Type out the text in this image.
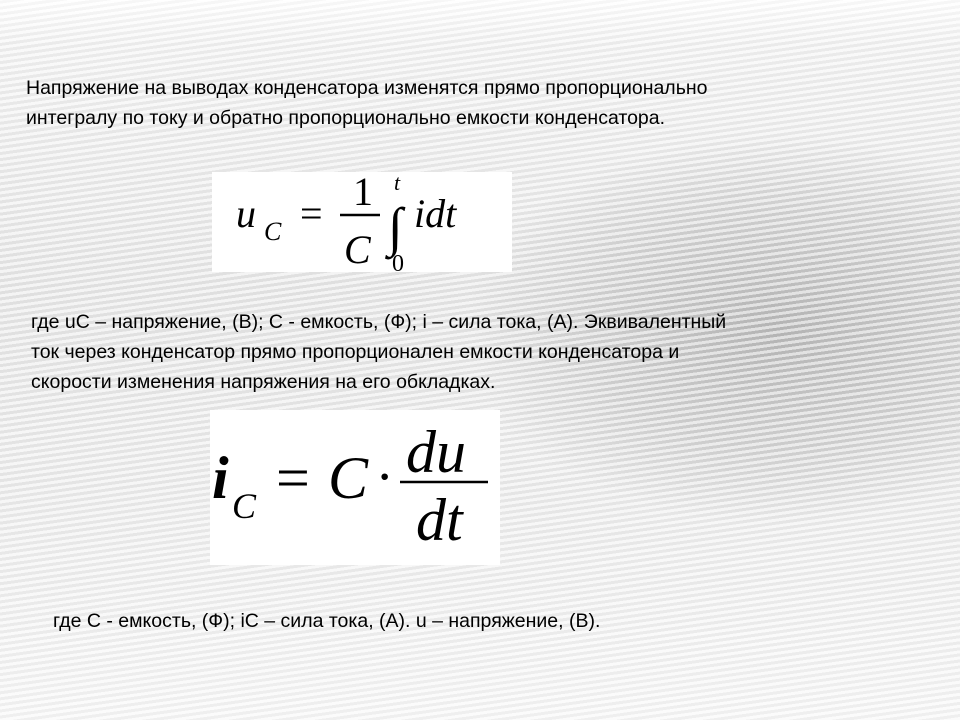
Напряжение на выводах конденсатора изменятся прямо пропорционально
интегралу по току и обратно пропорционально емкости конденсатора.

u C = 1
C ∫
t
0
idt

где uC – напряжение, (В); С - емкость, (Ф); i – сила тока, (А). Эквивалентный
ток через конденсатор прямо пропорционален емкости конденсатора и
скорости изменения напряжения на его обкладках.

i C = C · du
dt

где С - емкость, (Ф); iC – сила тока, (А). u – напряжение, (В).
